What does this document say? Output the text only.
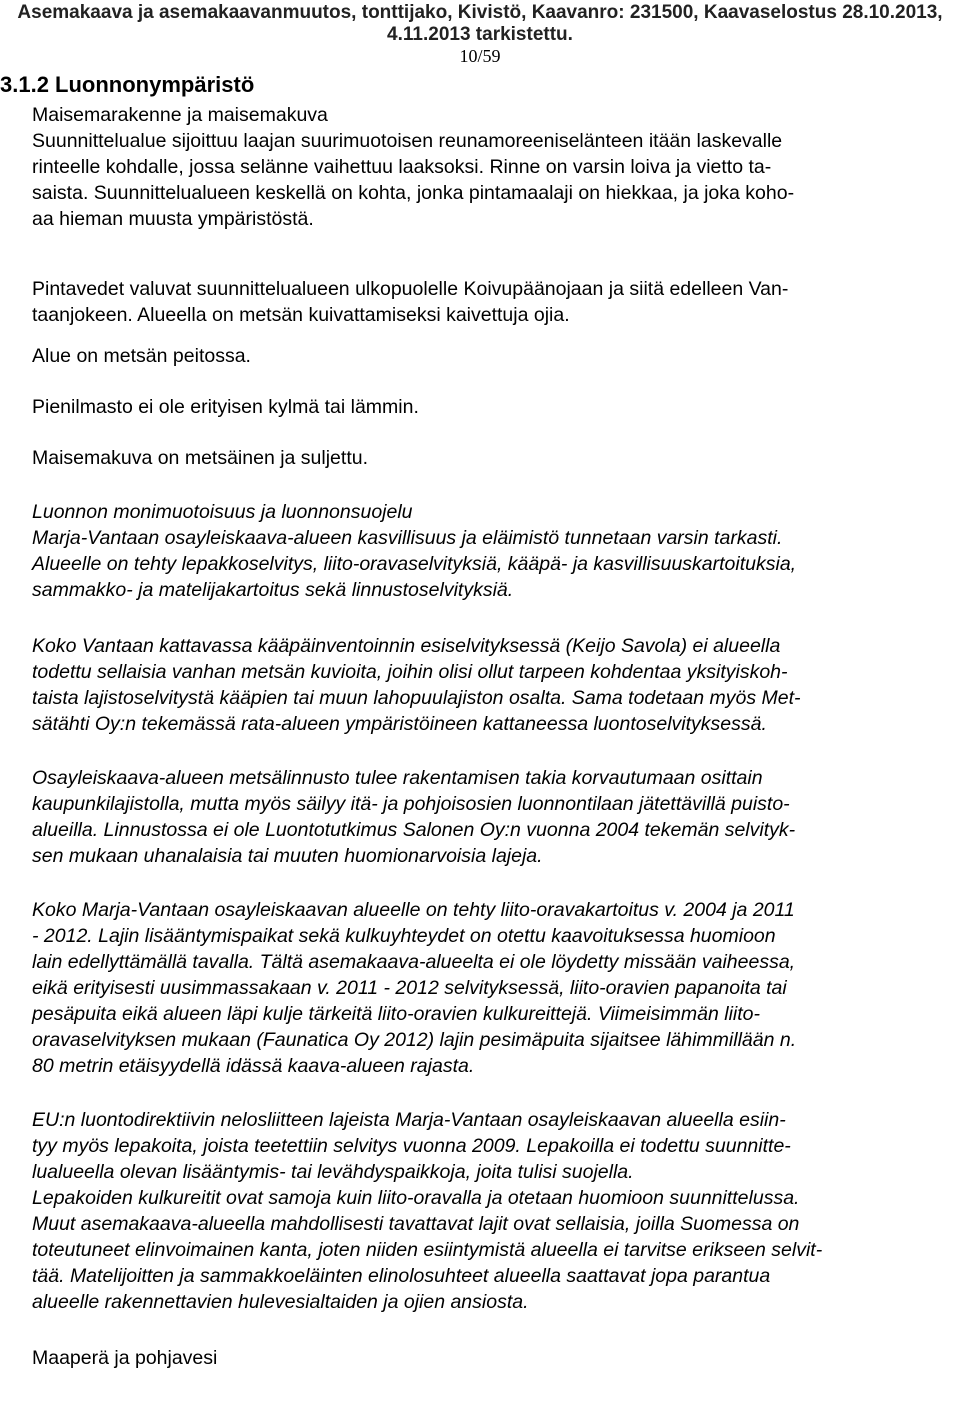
Asemakaava ja asemakaavanmuutos, tonttijako, Kivistö, Kaavanro: 231500, Kaavaselostus 28.10.2013,
4.11.2013 tarkistettu.
10/59
3.1.2 Luonnonympäristö
Maisemarakenne ja maisemakuva
Suunnittelualue sijoittuu laajan suurimuotoisen reunamoreeniselänteen itään laskevalle
rinteelle kohdalle, jossa selänne vaihettuu laaksoksi. Rinne on varsin loiva ja vietto ta-
saista. Suunnittelualueen keskellä on kohta, jonka pintamaalaji on hiekkaa, ja joka koho-
aa hieman muusta ympäristöstä.
Pintavedet valuvat suunnittelualueen ulkopuolelle Koivupäänojaan ja siitä edelleen Van-
taanjokeen. Alueella on metsän kuivattamiseksi kaivettuja ojia.
Alue on metsän peitossa.
Pienilmasto ei ole erityisen kylmä tai lämmin.
Maisemakuva on metsäinen ja suljettu.
Luonnon monimuotoisuus ja luonnonsuojelu
Marja-Vantaan osayleiskaava-alueen kasvillisuus ja eläimistö tunnetaan varsin tarkasti.
Alueelle on tehty lepakkoselvitys, liito-oravaselvityksiä, kääpä- ja kasvillisuuskartoituksia,
sammakko- ja matelijakartoitus sekä linnustoselvityksiä.
Koko Vantaan kattavassa kääpäinventoinnin esiselvityksessä (Keijo Savola) ei alueella
todettu sellaisia vanhan metsän kuvioita, joihin olisi ollut tarpeen kohdentaa yksityiskoh-
taista lajistoselvitystä kääpien tai muun lahopuulajiston osalta. Sama todetaan myös Met-
sätähti Oy:n tekemässä rata-alueen ympäristöineen kattaneessa luontoselvityksessä.
Osayleiskaava-alueen metsälinnusto tulee rakentamisen takia korvautumaan osittain
kaupunkilajistolla, mutta myös säilyy itä- ja pohjoisosien luonnontilaan jätettävillä puisto-
alueilla. Linnustossa ei ole Luontotutkimus Salonen Oy:n vuonna 2004 tekemän selvityk-
sen mukaan uhanalaisia tai muuten huomionarvoisia lajeja.
Koko Marja-Vantaan osayleiskaavan alueelle on tehty liito-oravakartoitus v. 2004 ja 2011
- 2012. Lajin lisääntymispaikat sekä kulkuyhteydet on otettu kaavoituksessa huomioon
lain edellyttämällä tavalla. Tältä asemakaava-alueelta ei ole löydetty missään vaiheessa,
eikä erityisesti uusimmassakaan v. 2011 - 2012 selvityksessä, liito-oravien papanoita tai
pesäpuita eikä alueen läpi kulje tärkeitä liito-oravien kulkureittejä. Viimeisimmän liito-
oravaselvityksen mukaan (Faunatica Oy 2012) lajin pesimäpuita sijaitsee lähimmillään n.
80 metrin etäisyydellä idässä kaava-alueen rajasta.
EU:n luontodirektiivin nelosliitteen lajeista Marja-Vantaan osayleiskaavan alueella esiin-
tyy myös lepakoita, joista teetettiin selvitys vuonna 2009. Lepakoilla ei todettu suunnitte-
lualueella olevan lisääntymis- tai levähdyspaikkoja, joita tulisi suojella.
Lepakoiden kulkureitit ovat samoja kuin liito-oravalla ja otetaan huomioon suunnittelussa.
Muut asemakaava-alueella mahdollisesti tavattavat lajit ovat sellaisia, joilla Suomessa on
toteutuneet elinvoimainen kanta, joten niiden esiintymistä alueella ei tarvitse erikseen selvit-
tää. Matelijoitten ja sammakkoeläinten elinolosuhteet alueella saattavat jopa parantua
alueelle rakennettavien hulevesialtaiden ja ojien ansiosta.
Maaperä ja pohjavesi
